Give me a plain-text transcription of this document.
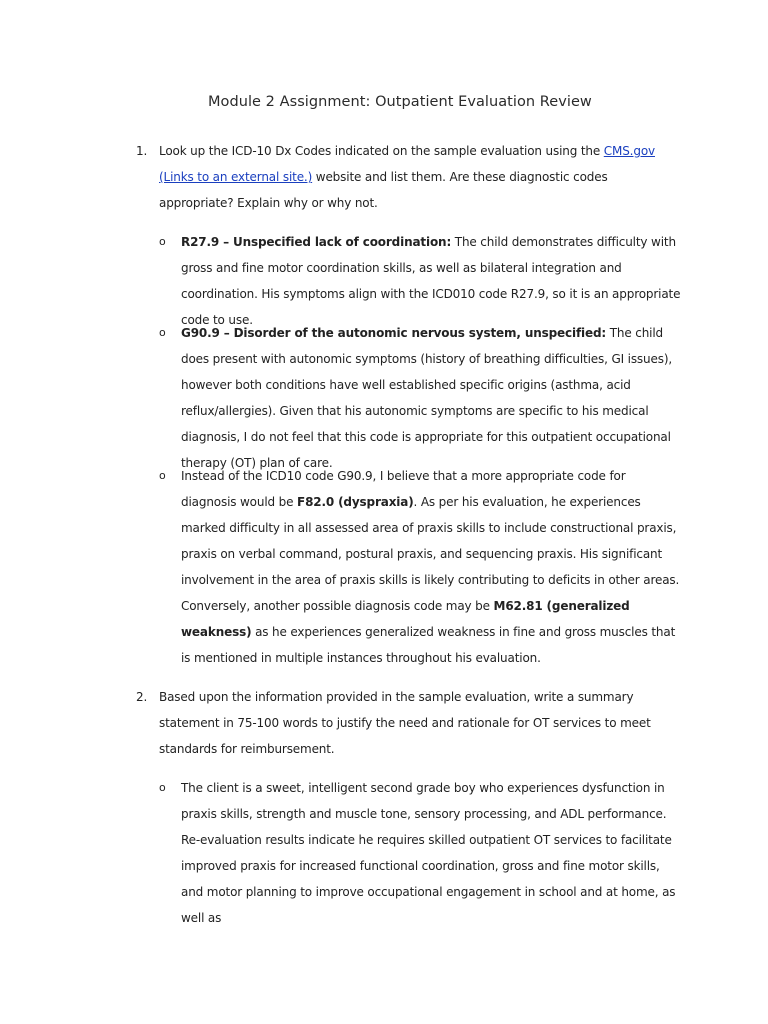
Module 2 Assignment: Outpatient Evaluation Review
1. Look up the ICD-10 Dx Codes indicated on the sample evaluation using the CMS.gov (Links to an external site.) website and list them. Are these diagnostic codes appropriate? Explain why or why not.
o R27.9 – Unspecified lack of coordination: The child demonstrates difficulty with gross and fine motor coordination skills, as well as bilateral integration and coordination. His symptoms align with the ICD010 code R27.9, so it is an appropriate code to use.
o G90.9 – Disorder of the autonomic nervous system, unspecified: The child does present with autonomic symptoms (history of breathing difficulties, GI issues), however both conditions have well established specific origins (asthma, acid reflux/allergies). Given that his autonomic symptoms are specific to his medical diagnosis, I do not feel that this code is appropriate for this outpatient occupational therapy (OT) plan of care.
o Instead of the ICD10 code G90.9, I believe that a more appropriate code for diagnosis would be F82.0 (dyspraxia). As per his evaluation, he experiences marked difficulty in all assessed area of praxis skills to include constructional praxis, praxis on verbal command, postural praxis, and sequencing praxis. His significant involvement in the area of praxis skills is likely contributing to deficits in other areas. Conversely, another possible diagnosis code may be M62.81 (generalized weakness) as he experiences generalized weakness in fine and gross muscles that is mentioned in multiple instances throughout his evaluation.
2. Based upon the information provided in the sample evaluation, write a summary statement in 75-100 words to justify the need and rationale for OT services to meet standards for reimbursement.
o The client is a sweet, intelligent second grade boy who experiences dysfunction in praxis skills, strength and muscle tone, sensory processing, and ADL performance. Re-evaluation results indicate he requires skilled outpatient OT services to facilitate improved praxis for increased functional coordination, gross and fine motor skills, and motor planning to improve occupational engagement in school and at home, as well as
